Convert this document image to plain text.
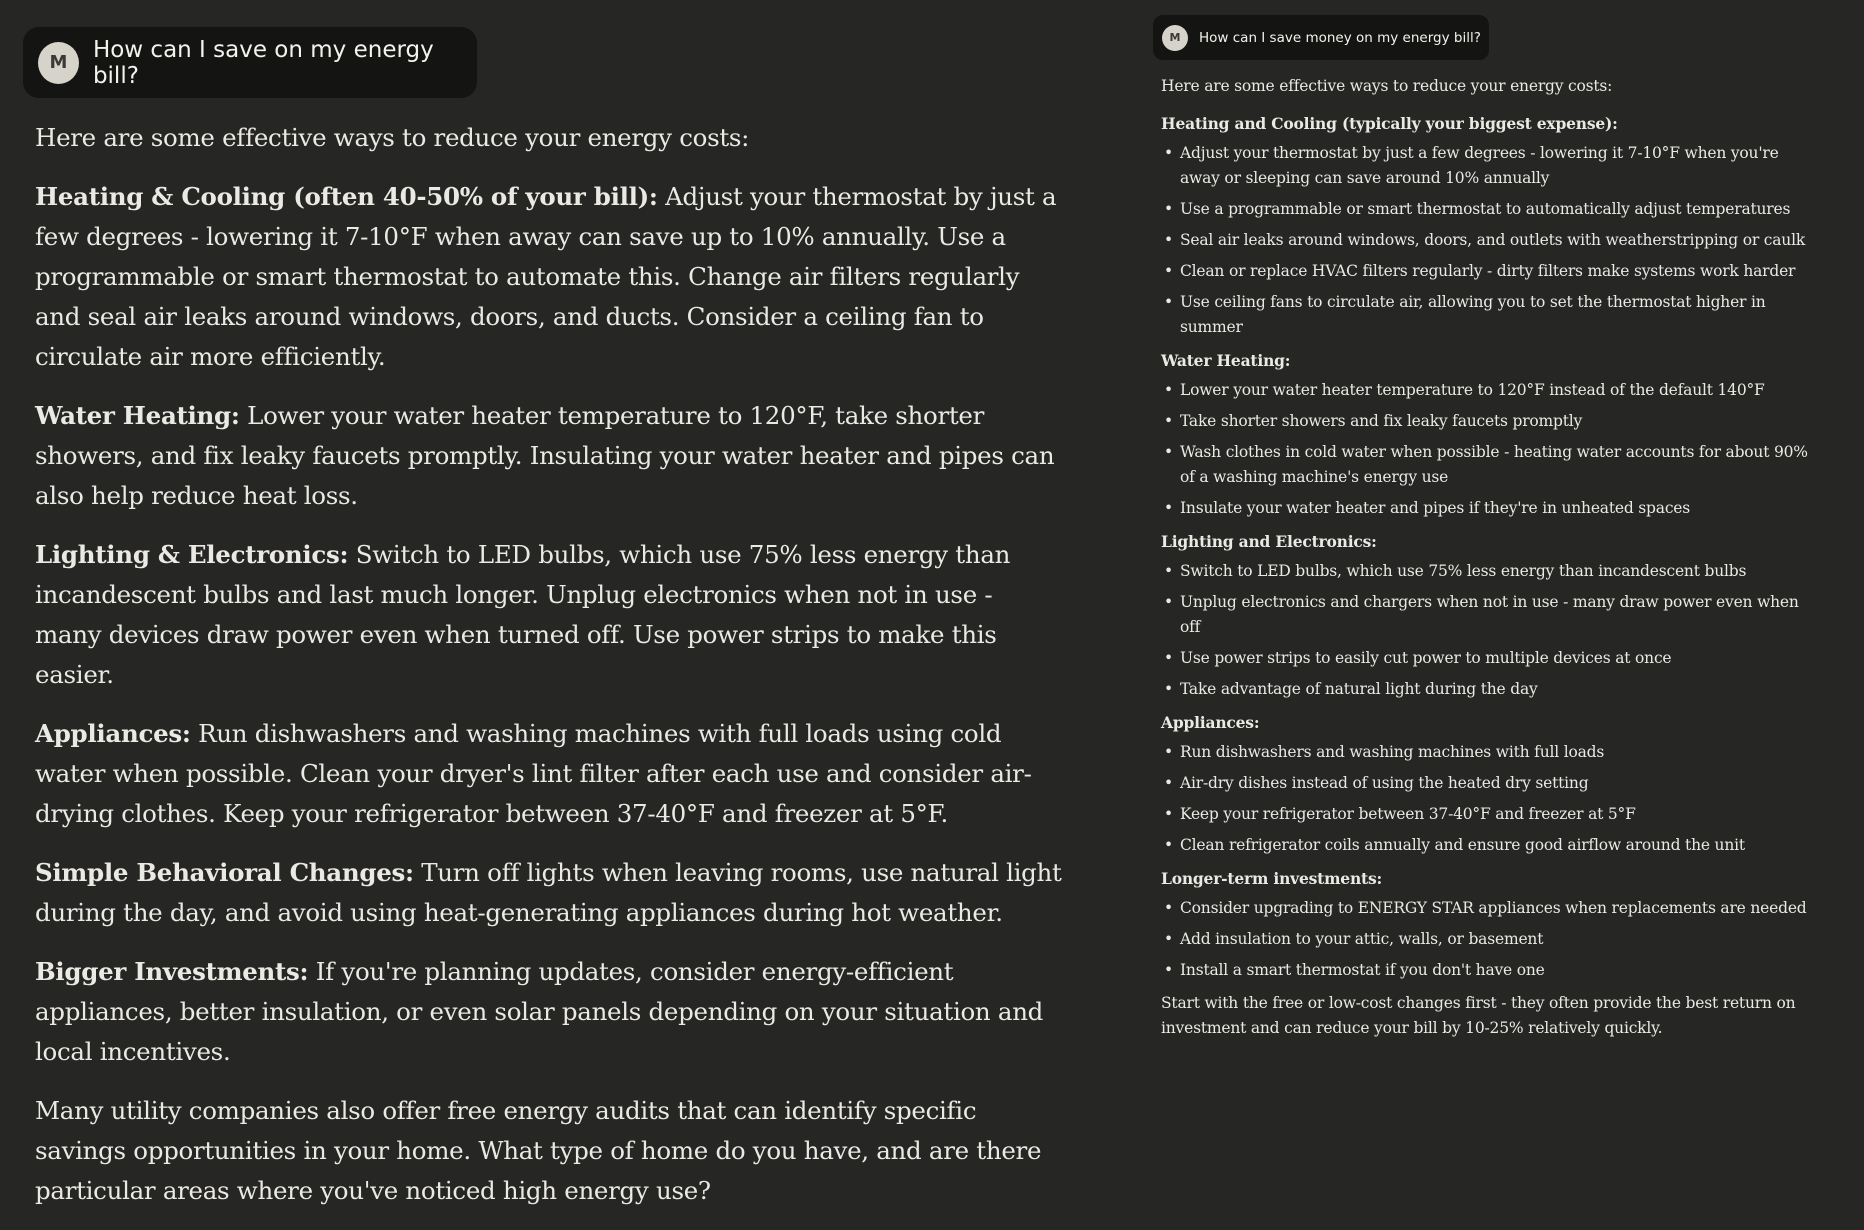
M	How can I save on my energy bill?

Here are some effective ways to reduce your energy costs:

Heating & Cooling (often 40-50% of your bill): Adjust your thermostat by just a few degrees - lowering it 7-10°F when away can save up to 10% annually. Use a programmable or smart thermostat to automate this. Change air filters regularly and seal air leaks around windows, doors, and ducts. Consider a ceiling fan to circulate air more efficiently.

Water Heating: Lower your water heater temperature to 120°F, take shorter showers, and fix leaky faucets promptly. Insulating your water heater and pipes can also help reduce heat loss.

Lighting & Electronics: Switch to LED bulbs, which use 75% less energy than incandescent bulbs and last much longer. Unplug electronics when not in use - many devices draw power even when turned off. Use power strips to make this easier.

Appliances: Run dishwashers and washing machines with full loads using cold water when possible. Clean your dryer's lint filter after each use and consider air-drying clothes. Keep your refrigerator between 37-40°F and freezer at 5°F.

Simple Behavioral Changes: Turn off lights when leaving rooms, use natural light during the day, and avoid using heat-generating appliances during hot weather.

Bigger Investments: If you're planning updates, consider energy-efficient appliances, better insulation, or even solar panels depending on your situation and local incentives.

Many utility companies also offer free energy audits that can identify specific savings opportunities in your home. What type of home do you have, and are there particular areas where you've noticed high energy use?

M	How can I save money on my energy bill?

Here are some effective ways to reduce your energy costs:

Heating and Cooling (typically your biggest expense):
• Adjust your thermostat by just a few degrees - lowering it 7-10°F when you're away or sleeping can save around 10% annually
• Use a programmable or smart thermostat to automatically adjust temperatures
• Seal air leaks around windows, doors, and outlets with weatherstripping or caulk
• Clean or replace HVAC filters regularly - dirty filters make systems work harder
• Use ceiling fans to circulate air, allowing you to set the thermostat higher in summer
Water Heating:
• Lower your water heater temperature to 120°F instead of the default 140°F
• Take shorter showers and fix leaky faucets promptly
• Wash clothes in cold water when possible - heating water accounts for about 90% of a washing machine's energy use
• Insulate your water heater and pipes if they're in unheated spaces
Lighting and Electronics:
• Switch to LED bulbs, which use 75% less energy than incandescent bulbs
• Unplug electronics and chargers when not in use - many draw power even when off
• Use power strips to easily cut power to multiple devices at once
• Take advantage of natural light during the day
Appliances:
• Run dishwashers and washing machines with full loads
• Air-dry dishes instead of using the heated dry setting
• Keep your refrigerator between 37-40°F and freezer at 5°F
• Clean refrigerator coils annually and ensure good airflow around the unit
Longer-term investments:
• Consider upgrading to ENERGY STAR appliances when replacements are needed
• Add insulation to your attic, walls, or basement
• Install a smart thermostat if you don't have one

Start with the free or low-cost changes first - they often provide the best return on investment and can reduce your bill by 10-25% relatively quickly.
